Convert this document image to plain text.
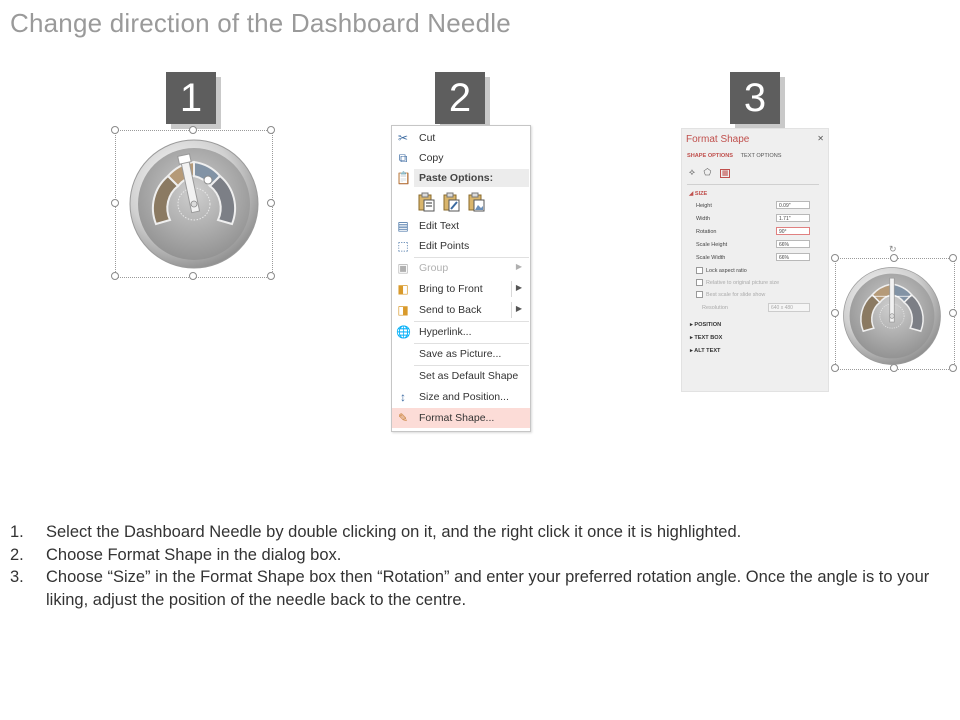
Change direction of the Dashboard Needle
1	2	3
✂ Cut
⧉ Copy
Paste Options:
📋
▤ Edit Text
⬚ Edit Points
▣ Group	▶
◧ Bring to Front	▶
◨ Send to Back	▶
🌐 Hyperlink...
Save as Picture...
Set as Default Shape
↕	Size and Position...
✎ Format Shape...
Format Shape	✕
SHAPE OPTIONS TEXT OPTIONS
⟡ ⬠ ▦
◢ SIZE
Height	0.09"
Width	1.71"
Rotation	90°
Scale Height	66%
Scale Width	66%
Lock aspect ratio
Relative to original picture size
Best scale for slide show
Resolution	640 x 480
▸ POSITION
▸ TEXT BOX
▸ ALT TEXT
↻
1. Select the Dashboard Needle by double clicking on it, and the right click it once it is highlighted.
2. Choose Format Shape in the dialog box.
3. Choose “Size” in the Format Shape box then “Rotation” and enter your preferred rotation angle. Once the angle is to your liking, adjust the position of the needle back to the centre.
